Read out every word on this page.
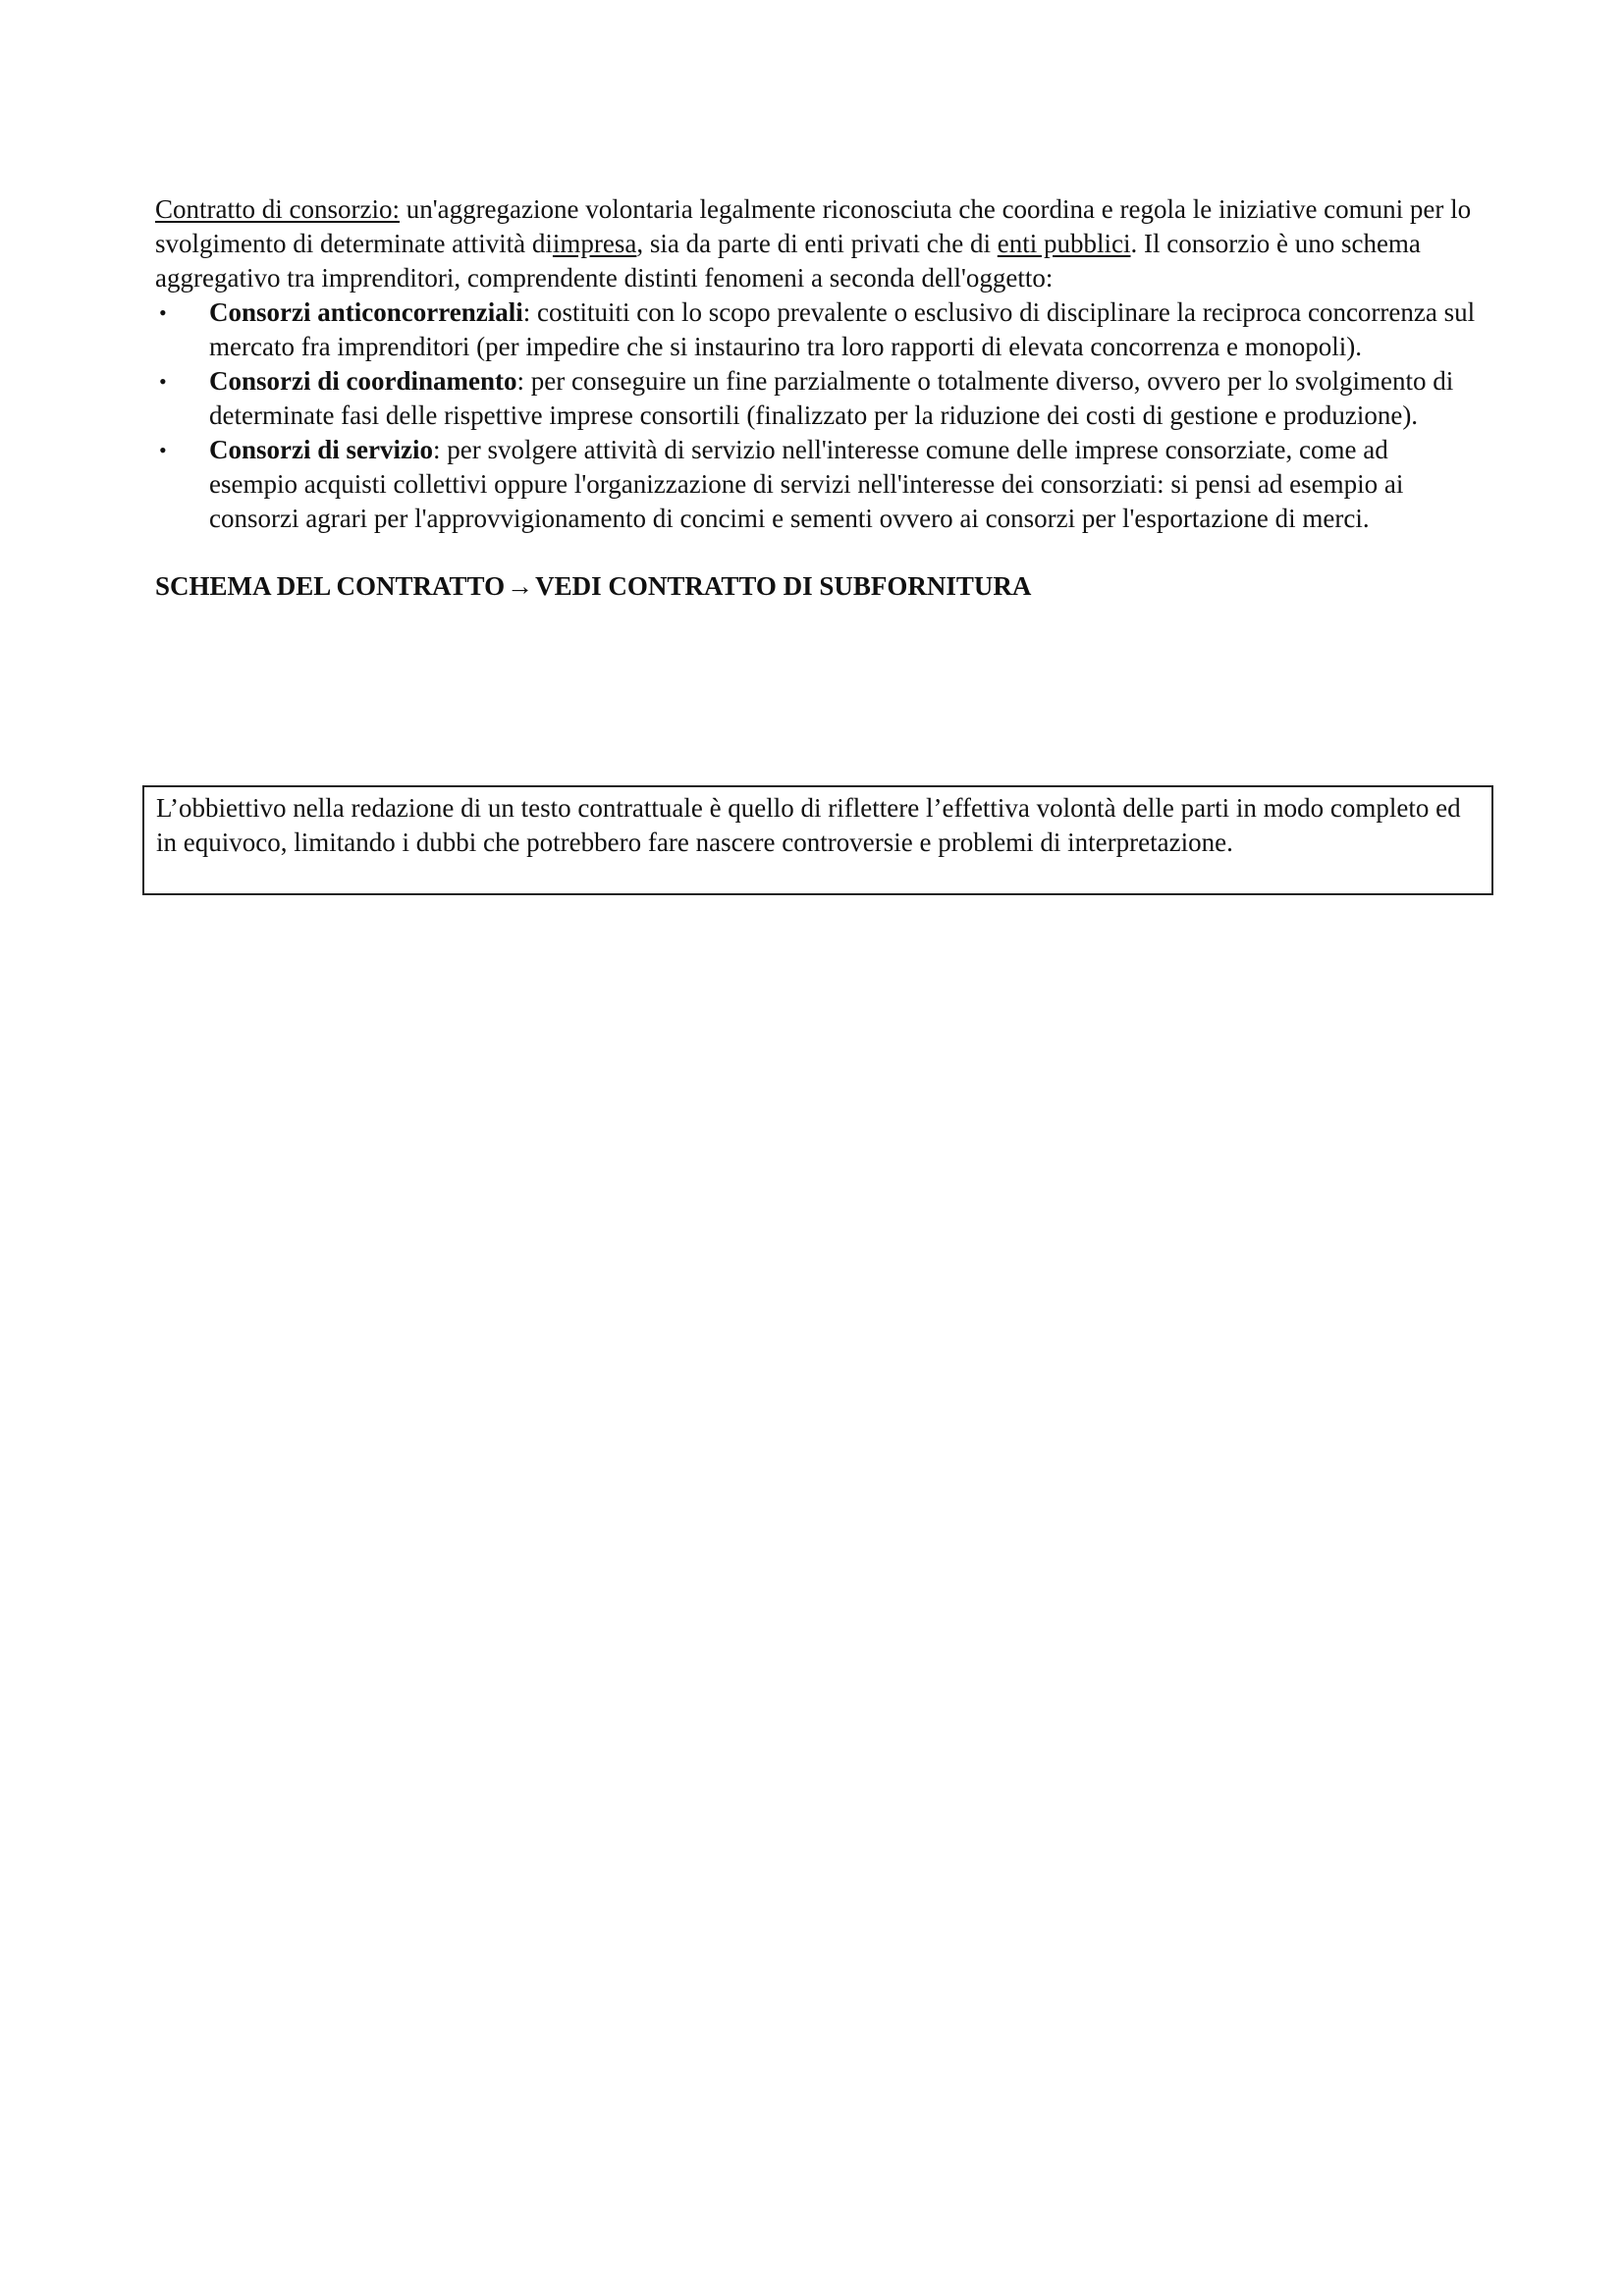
Contratto di consorzio: un'aggregazione volontaria legalmente riconosciuta che coordina e regola le iniziative comuni per lo svolgimento di determinate attività diimpresa, sia da parte di enti privati che di enti pubblici. Il consorzio è uno schema aggregativo tra imprenditori, comprendente distinti fenomeni a seconda dell'oggetto:

• Consorzi anticoncorrenziali: costituiti con lo scopo prevalente o esclusivo di disciplinare la reciproca concorrenza sul mercato fra imprenditori (per impedire che si instaurino tra loro rapporti di elevata concorrenza e monopoli).
• Consorzi di coordinamento: per conseguire un fine parzialmente o totalmente diverso, ovvero per lo svolgimento di determinate fasi delle rispettive imprese consortili (finalizzato per la riduzione dei costi di gestione e produzione).
• Consorzi di servizio: per svolgere attività di servizio nell'interesse comune delle imprese consorziate, come ad esempio acquisti collettivi oppure l'organizzazione di servizi nell'interesse dei consorziati: si pensi ad esempio ai consorzi agrari per l'approvvigionamento di concimi e sementi ovvero ai consorzi per l'esportazione di merci.

SCHEMA DEL CONTRATTO→VEDI CONTRATTO DI SUBFORNITURA

L’obbiettivo nella redazione di un testo contrattuale è quello di riflettere l’effettiva volontà delle parti in modo completo ed in equivoco, limitando i dubbi che potrebbero fare nascere controversie e problemi di interpretazione.
